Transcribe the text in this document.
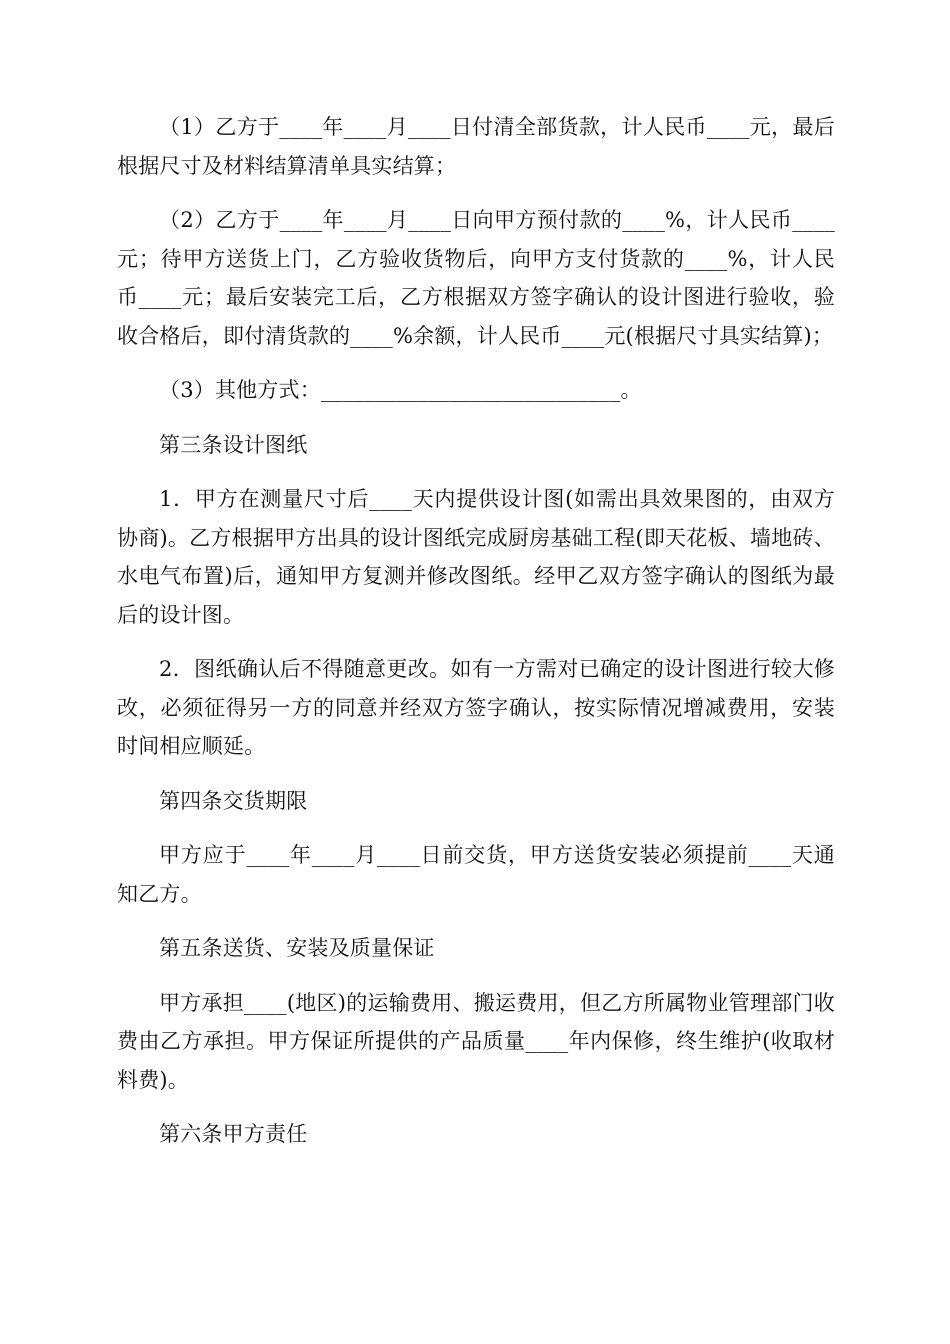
（1）乙方于____年____月____日付清全部货款，计人民币____元，最后根据尺寸及材料结算清单具实结算；

（2）乙方于____年____月____日向甲方预付款的____%，计人民币____元；待甲方送货上门，乙方验收货物后，向甲方支付货款的____%，计人民币____元；最后安装完工后，乙方根据双方签字确认的设计图进行验收，验收合格后，即付清货款的____%余额，计人民币____元(根据尺寸具实结算)；

（3）其他方式：____________________________。

第三条设计图纸

1．甲方在测量尺寸后____天内提供设计图(如需出具效果图的，由双方协商)。乙方根据甲方出具的设计图纸完成厨房基础工程(即天花板、墙地砖、水电气布置)后，通知甲方复测并修改图纸。经甲乙双方签字确认的图纸为最后的设计图。

2．图纸确认后不得随意更改。如有一方需对已确定的设计图进行较大修改，必须征得另一方的同意并经双方签字确认，按实际情况增减费用，安装时间相应顺延。

第四条交货期限

甲方应于____年____月____日前交货，甲方送货安装必须提前____天通知乙方。

第五条送货、安装及质量保证

甲方承担____(地区)的运输费用、搬运费用，但乙方所属物业管理部门收费由乙方承担。甲方保证所提供的产品质量____年内保修，终生维护(收取材料费)。

第六条甲方责任
